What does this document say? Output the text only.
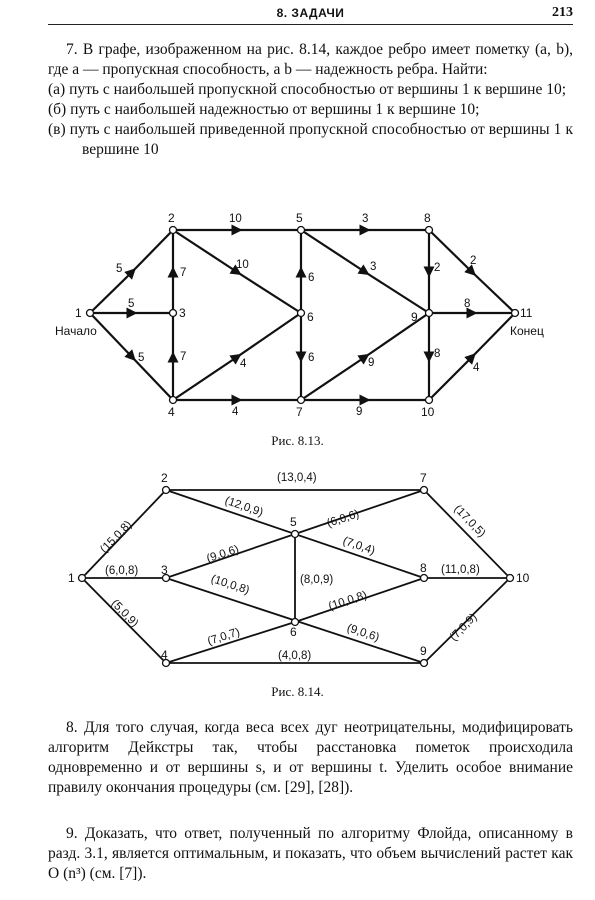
8. ЗАДАЧИ	213

7. В графе, изображенном на рис. 8.14, каждое ребро имеет пометку (a, b), где a — пропускная способность, a b — надежность ребра. Найти:

(а) путь с наибольшей пропускной способностью от вершины 1 к вершине 10;

(б) путь с наибольшей надежностью от вершины 1 к вершине 10;

(в) путь с наибольшей приведенной пропускной способностью от вершины 1 к вершине 10

1
2
3
4
5
6
7
8
9
10
11
Начало	Конец
5
5
5
10
10
7
7
4
4
3
3
6
6	9
9
2
2
8
8
4
Рис. 8.13.
1
2
3
4
5
6
7
8
9
10
(15,0,8)
(6,0,8)
(5,0,9)
(13,0,4)
(12,0,9)
(9,0,6)
(10,0,8)
(7,0,7)
(4,0,8)
(6,0,6)
(8,0,9)
(7,0,4)
(10,0,8)
(9,0,6)
(17,0,5)
(11,0,8)
(7,0,9)
Рис. 8.14.

8. Для того случая, когда веса всех дуг неотрицательны, модифицировать алгоритм Дейкстры так, чтобы расстановка пометок происходила одновременно и от вершины s, и от вершины t. Уделить особое внимание правилу окончания процедуры (см. [29], [28]).

9. Доказать, что ответ, полученный по алгоритму Флойда, описанному в разд. 3.1, является оптимальным, и показать, что объем вычислений растет как O (n³) (см. [7]).
